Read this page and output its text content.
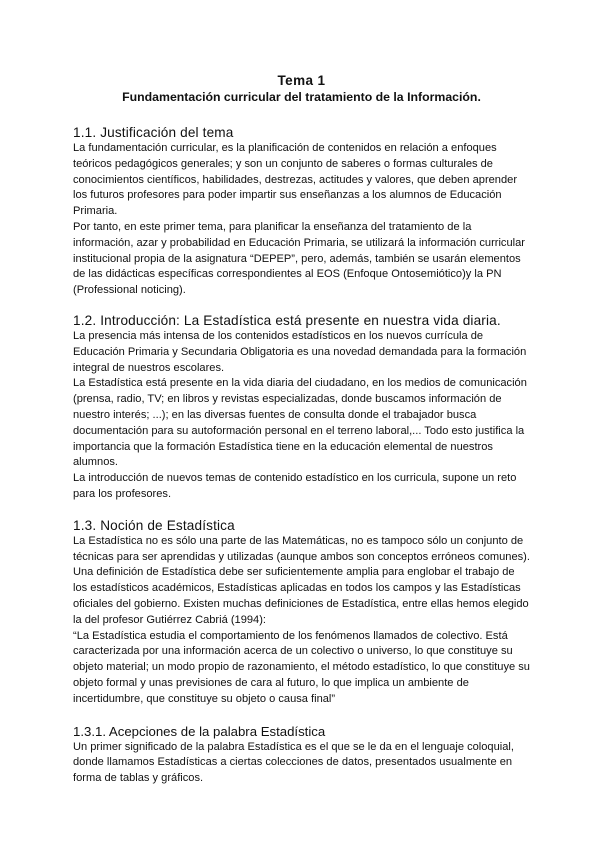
Tema 1
Fundamentación curricular del tratamiento de la Información.
1.1. Justificación del tema

La fundamentación curricular, es la planificación de contenidos en relación a enfoques teóricos pedagógicos generales; y son un conjunto de saberes o formas culturales de conocimientos científicos, habilidades, destrezas, actitudes y valores, que deben aprender los futuros profesores para poder impartir sus enseñanzas a los alumnos de Educación Primaria.

Por tanto, en este primer tema, para planificar la enseñanza del tratamiento de la información, azar y probabilidad en Educación Primaria, se utilizará la información curricular institucional propia de la asignatura “DEPEP”, pero, además, también se usarán elementos de las didácticas específicas correspondientes al EOS (Enfoque Ontosemiótico)y la PN (Professional noticing).

1.2. Introducción: La Estadística está presente en nuestra vida diaria.

La presencia más intensa de los contenidos estadísticos en los nuevos currícula de Educación Primaria y Secundaria Obligatoria es una novedad demandada para la formación integral de nuestros escolares.

La Estadística está presente en la vida diaria del ciudadano, en los medios de comunicación (prensa, radio, TV; en libros y revistas especializadas, donde buscamos información de nuestro interés; ...); en las diversas fuentes de consulta donde el trabajador busca documentación para su autoformación personal en el terreno laboral,... Todo esto justifica la importancia que la formación Estadística tiene en la educación elemental de nuestros alumnos.

La introducción de nuevos temas de contenido estadístico en los curricula, supone un reto para los profesores.

1.3. Noción de Estadística

La Estadística no es sólo una parte de las Matemáticas, no es tampoco sólo un conjunto de técnicas para ser aprendidas y utilizadas (aunque ambos son conceptos erróneos comunes). Una definición de Estadística debe ser suficientemente amplia para englobar el trabajo de los estadísticos académicos, Estadísticas aplicadas en todos los campos y las Estadísticas oficiales del gobierno. Existen muchas definiciones de Estadística, entre ellas hemos elegido la del profesor Gutiérrez Cabriá (1994):

“La Estadística estudia el comportamiento de los fenómenos llamados de colectivo. Está caracterizada por una información acerca de un colectivo o universo, lo que constituye su objeto material; un modo propio de razonamiento, el método estadístico, lo que constituye su objeto formal y unas previsiones de cara al futuro, lo que implica un ambiente de incertidumbre, que constituye su objeto o causa final”

1.3.1. Acepciones de la palabra Estadística

Un primer significado de la palabra Estadística es el que se le da en el lenguaje coloquial, donde llamamos Estadísticas a ciertas colecciones de datos, presentados usualmente en forma de tablas y gráficos.
